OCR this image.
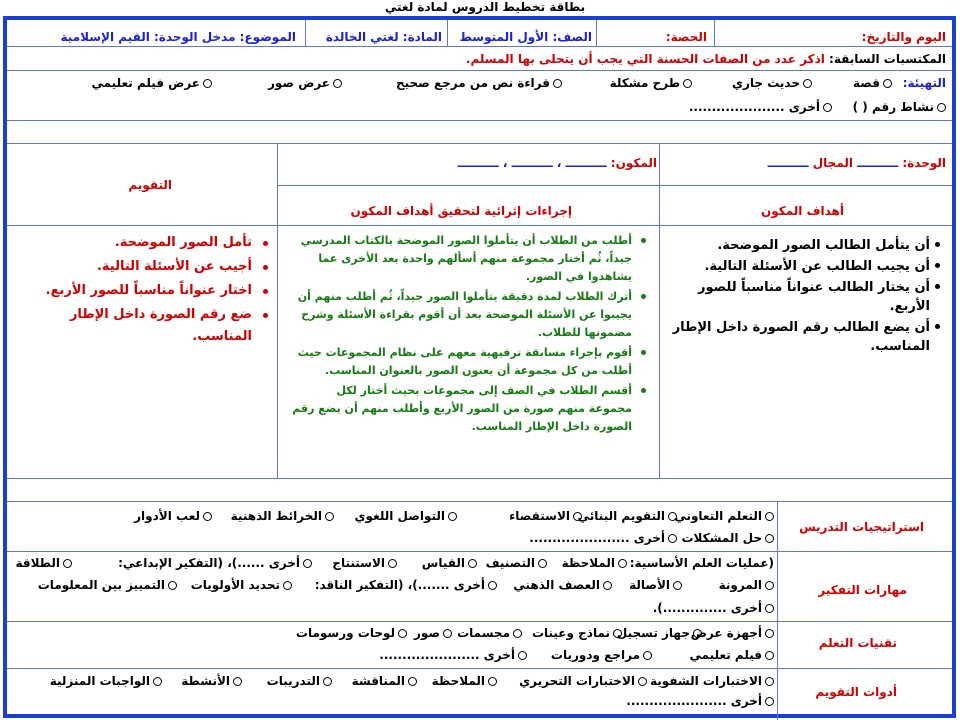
بطاقة تخطيط الدروس لمادة لغتي
اليوم والتاريخ:
الحصة:
الصف: الأول المتوسط
المادة: لغتي الخالدة
الموضوع: مدخل الوحدة: القيم الإسلامية
المكتسبات السابقة: اذكر عدد من الصفات الحسنة التي يجب أن يتحلى بها المسلم.
التهيئة:
قصة
حديث جاري
طرح مشكلة
قراءة نص من مرجع صحيح
عرض صور
عرض فيلم تعليمي
نشاط رقم ( )
أخرى .....................
الوحدة: ــــــــــ المجال ــــــــــ
المكون: ــــــــــ ، ــــــــــ ، ــــــــــ
التقويم
أهداف المكون
إجراءات إثرائية لتحقيق أهداف المكون
أن يتأمل الطالب الصور الموضحة.
أن يجيب الطالب عن الأسئلة التالية.
أن يختار الطالب عنواناً مناسباً للصور الأربع.
أن يضع الطالب رقم الصورة داخل الإطار المناسب.
أطلب من الطلاب أن يتأملوا الصور الموضحة بالكتاب المدرسي جيداً، ثُم أختار مجموعة منهم أسألهم واحدة بعد الأخرى عما يشاهدوا في الصور.
أترك الطلاب لمدة دقيقة يتأملوا الصور جيداً، ثُم أطلب منهم أن يجيبوا عن الأسئلة الموضحة بعد أن أقوم بقراءة الأسئلة وشرح مضمونها للطلاب.
أقوم بإجراء مسابقة ترفيهية معهم على نظام المجموعات حيث أطلب من كل مجموعة أن يعنون الصور بالعنوان المناسب.
أقسم الطلاب في الصف إلى مجموعات بحيث أختار لكل مجموعة منهم صورة من الصور الأربع وأطلب منهم أن يضع رقم الصورة داخل الإطار المناسب.
تأمل الصور الموضحة.
أجيب عن الأسئلة التالية.
اختار عنواناً مناسباً للصور الأربع.
ضع رقم الصورة داخل الإطار المناسب.
استراتيجيات التدريس
التعلم التعاوني
التقويم البنائي
الاستقصاء
التواصل اللغوي
الخرائط الذهنية
لعب الأدوار
حل المشكلات
أخرى ......................
مهارات التفكير
(عمليات العلم الأساسية:
الملاحظة
التصنيف
القياس
الاستنتاج
أخرى ......)، (التفكير الإبداعي:
الطلاقة
المرونة
الأصالة
العصف الذهني
أخرى .......)، (التفكير الناقد:
تحديد الأولويات
التمييز بين المعلومات
أخرى ..............).
تقنيات التعلم
أجهزة عرض
جهاز تسجيل
نماذج وعينات
مجسمات
صور
لوحات ورسومات
فيلم تعليمي
مراجع ودوريات
أخرى ......................
أدوات التقويم
الاختبارات الشفوية
الاختبارات التحريري
الملاحظة
المناقشة
التدريبات
الأنشطة
الواجبات المنزلية
أخرى ......................
